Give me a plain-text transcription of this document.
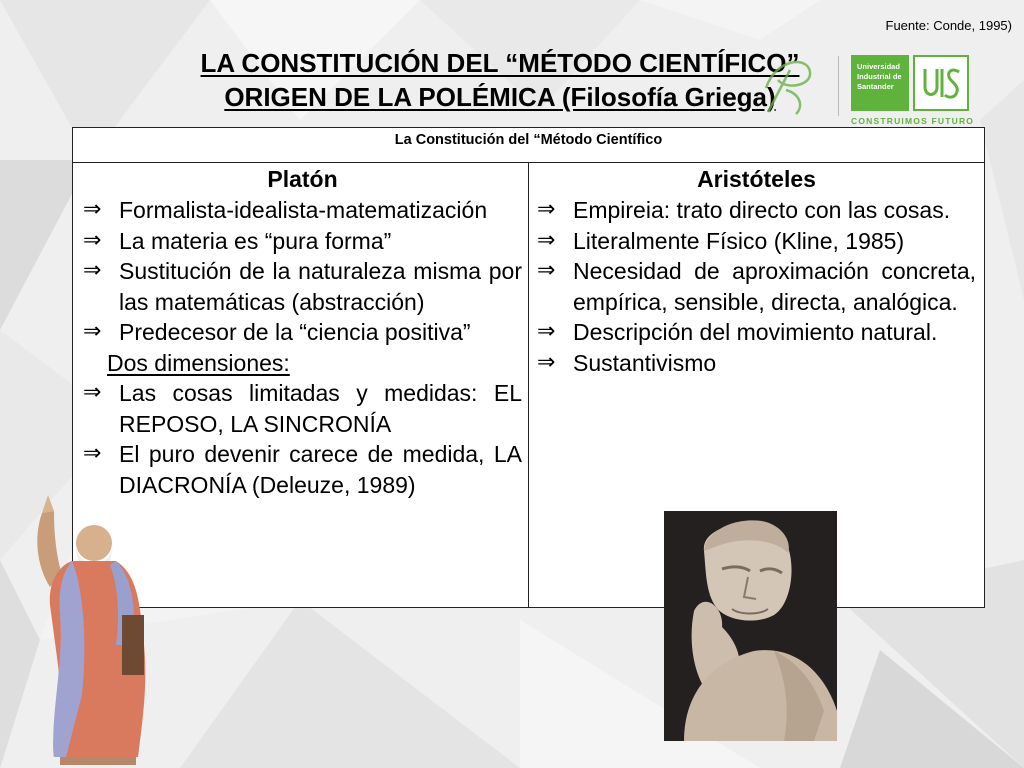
Fuente: Conde, 1995)
LA CONSTITUCIÓN DEL “MÉTODO CIENTÍFICO”
ORIGEN DE LA POLÉMICA (Filosofía Griega)
Universidad
Industrial de
Santander
CONSTRUIMOS FUTURO
La Constitución del “Método Científico
Platón
⇒ Formalista-idealista-matematización
⇒ La materia es “pura forma”
⇒ Sustitución de la naturaleza misma por las matemáticas (abstracción)
⇒ Predecesor de la “ciencia positiva”
Dos dimensiones:
⇒ Las cosas limitadas y medidas: EL REPOSO, LA SINCRONÍA
⇒ El puro devenir carece de medida, LA DIACRONÍA (Deleuze, 1989)
Aristóteles
⇒ Empireia: trato directo con las cosas.
⇒ Literalmente Físico (Kline, 1985)
⇒ Necesidad de aproximación concreta, empírica, sensible, directa, analógica.
⇒ Descripción del movimiento natural.
⇒ Sustantivismo
